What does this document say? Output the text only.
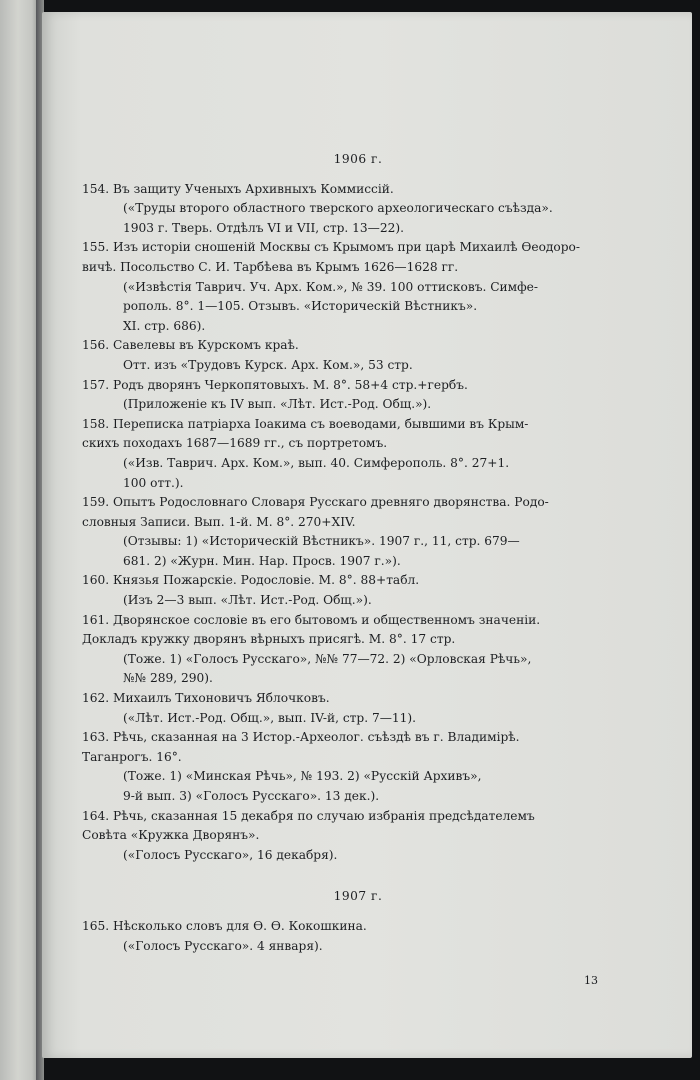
1906 г.
154. Въ защиту Ученыхъ Архивныхъ Коммиссій.
(«Труды второго областного тверского археологическаго съѣзда».
1903 г. Тверь. Отдѣлъ VI и VII, стр. 13—22).
155. Изъ исторіи сношеній Москвы съ Крымомъ при царѣ Михаилѣ Ѳеодоро-
вичѣ. Посольство С. И. Тарбѣева въ Крымъ 1626—1628 гг.
(«Извѣстія Таврич. Уч. Арх. Ком.», № 39. 100 оттисковъ. Симфе-
рополь. 8°. 1—105. Отзывъ. «Историческій Вѣстникъ».
XI. стр. 686).
156. Савелевы въ Курскомъ краѣ.
Отт. изъ «Трудовъ Курск. Арх. Ком.», 53 стр.
157. Родъ дворянъ Черкопятовыхъ. М. 8°. 58+4 стр.+гербъ.
(Приложеніе къ IV вып. «Лѣт. Ист.-Род. Общ.»).
158. Переписка патріарха Іоакима съ воеводами, бывшими въ Крым-
скихъ походахъ 1687—1689 гг., съ портретомъ.
(«Изв. Таврич. Арх. Ком.», вып. 40. Симферополь. 8°. 27+1.
100 отт.).
159. Опытъ Родословнаго Словаря Русскаго древняго дворянства. Родо-
словныя Записи. Вып. 1-й. М. 8°. 270+XIV.
(Отзывы: 1) «Историческій Вѣстникъ». 1907 г., 11, стр. 679—
681. 2) «Журн. Мин. Нар. Просв. 1907 г.»).
160. Князья Пожарскіе. Родословіе. М. 8°. 88+табл.
(Изъ 2—3 вып. «Лѣт. Ист.-Род. Общ.»).
161. Дворянское сословіе въ его бытовомъ и общественномъ значеніи.
Докладъ кружку дворянъ вѣрныхъ присягѣ. М. 8°. 17 стр.
(Тоже. 1) «Голосъ Русскаго», №№ 77—72. 2) «Орловская Рѣчь»,
№№ 289, 290).
162. Михаилъ Тихоновичъ Яблочковъ.
(«Лѣт. Ист.-Род. Общ.», вып. IV-й, стр. 7—11).
163. Рѣчь, сказанная на 3 Истор.-Археолог. съѣздѣ въ г. Владимірѣ.
Таганрогъ. 16°.
(Тоже. 1) «Минская Рѣчь», № 193. 2) «Русскій Архивъ»,
9-й вып. 3) «Голосъ Русскаго». 13 дек.).
164. Рѣчь, сказанная 15 декабря по случаю избранія предсѣдателемъ
Совѣта «Кружка Дворянъ».
(«Голосъ Русскаго», 16 декабря).
1907 г.
165. Нѣсколько словъ для Ѳ. Ѳ. Кокошкина.
(«Голосъ Русскаго». 4 января).
13
